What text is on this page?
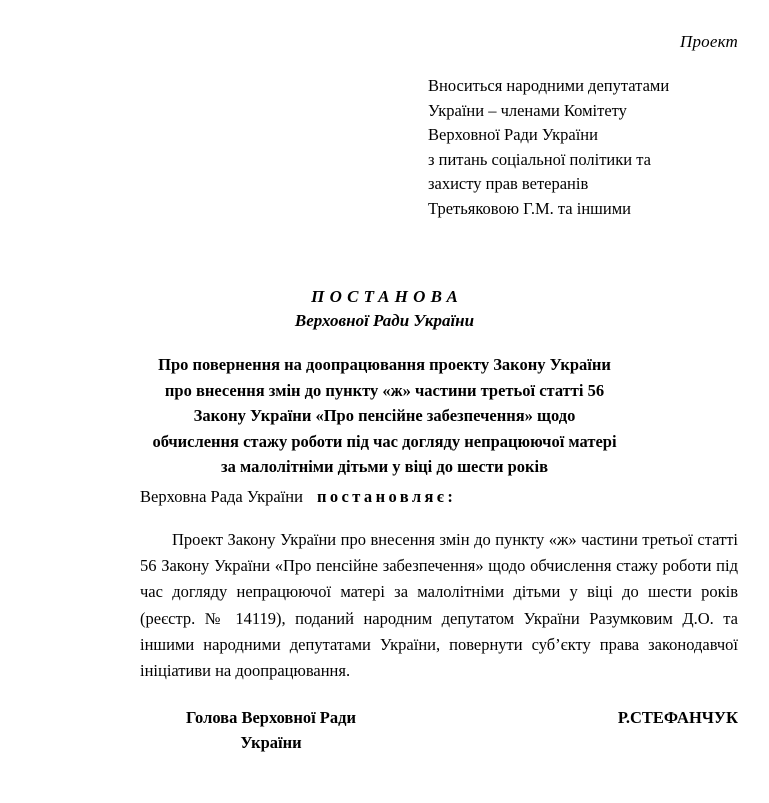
Проект
Вноситься народними депутатами
України – членами Комітету
Верховної Ради України
з питань соціальної політики та
захисту прав ветеранів
Третьяковою Г.М. та іншими
ПОСТАНОВА
Верховної Ради України
Про повернення на доопрацювання проекту Закону України
про внесення змін до пункту «ж» частини третьої статті 56
Закону України «Про пенсійне забезпечення» щодо
обчислення стажу роботи під час догляду непрацюючої матері
за малолітніми дітьми у віці до шести років
Верховна Рада України постановляє:
Проект Закону України про внесення змін до пункту «ж» частини третьої статті 56 Закону України «Про пенсійне забезпечення» щодо обчислення стажу роботи під час догляду непрацюючої матері за малолітніми дітьми у віці до шести років (реєстр. № 14119), поданий народним депутатом України Разумковим Д.О. та іншими народними депутатами України, повернути суб’єкту права законодавчої ініціативи на доопрацювання.
Голова Верховної Ради
України
Р.СТЕФАНЧУК
